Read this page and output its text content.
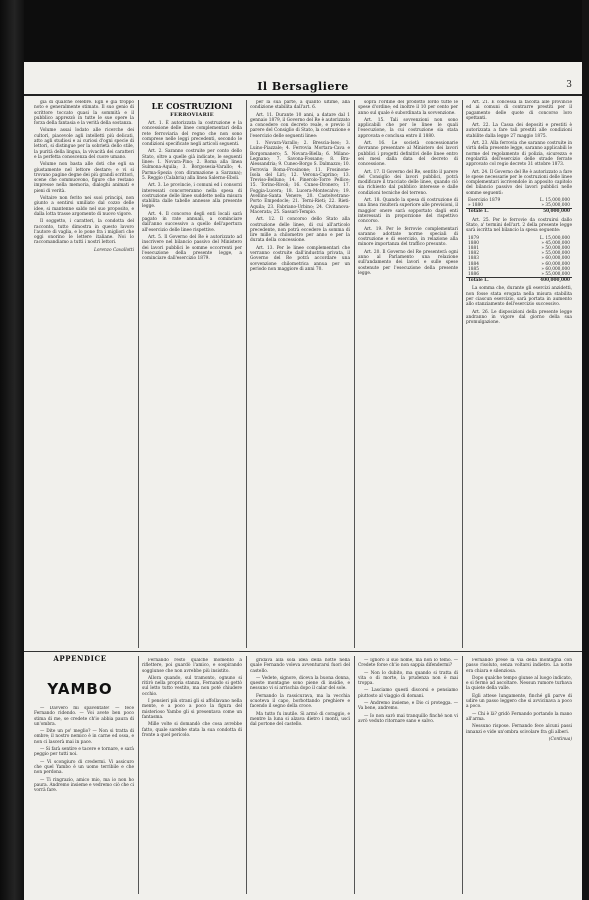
Il Bersagliere	3

già di qualche celebre. Egli è già troppo noto e generalmente stimato. Il suo genio di scrittore toccato quasi la sommità e il pubblico apprezzò in tutte le sue opere la forza della fantasia e la verità della sostanza.

Volume assai lodato alle ricerche dei cultori, piacevole agli intelletti più delicati, atto agli studiosi e ai curiosi d'ogni specie di lettori, si distingue per la sobrietà dello stile, la purità della lingua, la vivacità dei caratteri e la perfetta conoscenza del cuore umano.

Volume non basta alle doti che egli sa giustamente nel lettore destare; e vi si trovano pagine degne dei più grandi scrittori, scene che commuovono, figure che restano impresse nella memoria, dialoghi animati e pieni di verità.

Voltaire non ferito nei suoi principi, non giunto a sentirsi umiliato dal cozzo delle idee, si mantenne saldo nel suo proposito, e dalla lotta trasse argomento di nuovo vigore.

Il soggetto, i caratteri, la condotta del racconto, tutto dimostra in questo lavoro l'autore di vaglia, e lo pone fra i migliori che oggi onorino le lettere italiane. Noi lo raccomandiamo a tutti i nostri lettori.

Lorenzo Cavallotti
LE COSTRUZIONI
FERROVIARIE

Art. 1. È autorizzata la costruzione e la concessione delle linee complementari della rete ferroviaria del regno che non sono comprese nelle leggi precedenti, secondo le condizioni specificate negli articoli seguenti.

Art. 2. Saranno costruite per conto dello Stato, oltre a quelle già indicate, le seguenti linee: 1. Novara-Pino; 2. Roma alla linea Sulmona-Aquila; 3. Borgosesia-Varallo; 4. Parma-Spezia (con diramazione a Sarzana); 5. Reggio (Calabria) alla linea Salerno-Eboli.

Art. 3. Le provincie, i comuni ed i consorzi interessati concorreranno nella spesa di costruzione delle linee suddette nella misura stabilita dalle tabelle annesse alla presente legge.

Art. 4. Il concorso degli enti locali sarà pagato in rate annuali, a cominciare dall'anno successivo a quello dell'apertura all'esercizio delle linee rispettive.

Art. 5. Il Governo del Re è autorizzato ad inscrivere nel bilancio passivo del Ministero dei lavori pubblici le somme occorrenti per l'esecuzione della presente legge, a cominciare dall'esercizio 1879.

per la sua parte, a quanto ultime, alla condizione stabilita dall'art. 6.

Art. 11. Durante 10 anni, a datare dal 1 gennaio 1879, il Governo del Re è autorizzato a concedere con decreto reale, e previo il parere del Consiglio di Stato, la costruzione e l'esercizio delle seguenti linee:

1. Novara-Varallo; 2. Brescia-Iseo; 3. Luino-Piazzale; 4. Ferrovia Mortara-Cava e Borgomanero; 5. Novara-Biella; 6. Milano-Legnano; 7. Savona-Fossano; 8. Bra-Alessandria; 9. Cuneo-Borgo S. Dalmazzo; 10. Ferrovia Roma-Frosinone; 11. Frosinone-Isola del Liri; 12. Verona-Caprino; 13. Treviso-Belluno; 14. Pinerolo-Torre Pellice; 15. Torino-Rivoli; 16. Cuneo-Dronero; 17. Foggia-Lucera; 18. Lucera-Montecalvo; 19. Avellino-Santa Venere; 20. Castelvetrano-Porto Empedocle; 21. Terni-Rieti; 22. Rieti-Aquila; 23. Fabriano-Urbino; 24. Civitanova-Macerata; 25. Sassari-Tempio.

Art. 12. Il concorso dello Stato alla costruzione delle linee, di cui all'articolo precedente, non potrà eccedere la somma di lire mille a chilometro per anno e per la durata della concessione.

Art. 13. Per le linee complementari che verranno costruite dall'industria privata, il Governo del Re potrà accordare una sovvenzione chilometrica annua per un periodo non maggiore di anni 70.

sopra l'ordine del prodotto lordo tutte le spese d'ordine; ed inoltre il 10 per cento per anno sul quale è subordinata la sovvenzione.

Art. 15. Tali sovvenzioni non sono applicabili che per le linee le quali l'esecuzione, la cui costruzione sia stata approvata e conclusa entro il 1880.

Art. 16. Le società concessionarie dovranno presentare al Ministero dei lavori pubblici i progetti definitivi delle linee entro sei mesi dalla data del decreto di concessione.

Art. 17. Il Governo del Re, sentito il parere del Consiglio dei lavori pubblici, potrà modificare il tracciato delle linee, quando ciò sia richiesto dal pubblico interesse e dalle condizioni tecniche del terreno.

Art. 18. Quando la spesa di costruzione di una linea risulterà superiore alle previsioni, il maggior onere sarà sopportato dagli enti interessati in proporzione del rispettivo concorso.

Art. 19. Per le ferrovie complementari saranno adottate norme speciali di costruzione e di esercizio, in relazione alla minore importanza del traffico presunto.

Art. 20. Il Governo del Re presenterà ogni anno al Parlamento una relazione sull'andamento dei lavori e sulle spese sostenute per l'esecuzione della presente legge.

Art. 21. È concessa la facoltà alle provincie ed ai comuni di contrarre prestiti per il pagamento delle quote di concorso loro spettanti.

Art. 22. La Cassa dei depositi e prestiti è autorizzata a fare tali prestiti alle condizioni stabilite dalla legge 27 maggio 1875.

Art. 23. Alla ferrovia che saranno costruite in virtù della presente legge, saranno applicabili le norme del regolamento di polizia, sicurezza e regolarità dell'esercizio delle strade ferrate approvato col regio decreto 31 ottobre 1873.

Art. 24. Il Governo del Re è autorizzato a fare le spese necessarie per le costruzioni delle linee complementari iscrivendole in apposito capitolo del bilancio passivo dei lavori pubblici nelle somme seguenti:

Esercizio 1879	L. 15,000,000
» 1880	» 35,000,000
Totale L.	50,000,000

Art. 25. Per le ferrovie da costruirsi dallo Stato, a' termini dell'art. 2 della presente legge sarà iscritta nel bilancio la spesa seguente:

1879	L. 15,000,000
1880	» 45,000,000
1881	» 50,000,000
1882	» 55,000,000
1883	» 60,000,000
1884	» 60,000,000
1885	» 60,000,000
1886	» 55,000,000
Totale L.	400,000,000

La somma che, durante gli esercizi anzidetti, non fosse stata erogata nella misura stabilita per ciascun esercizio, sarà portata in aumento allo stanziamento dell'esercizio successivo.

Art. 26. Le disposizioni della presente legge andranno in vigore dal giorno della sua promulgazione.

APPENDICE
YAMBO

— Davvero mi spaventate! — fece Fernando ridendo. — Voi avete ben poco stima di me, se credete ch'io abbia paura di un'ombra.

— Dite un po' meglio? — Non si tratta di ombre; il nostro nemico è in carne ed ossa, e non ci lascerà mai in pace.

— Si farà sentire e tacere e tornare, e sarà peggio per tutti noi.

— Vi scongiuro di credermi. Vi assicuro che quel Yambo è un uomo terribile e che non perdona.

— Ti ringrazio, amico mio, ma io non ho paura. Andremo insieme e vedremo ciò che ci vorrà fare.

Fernando restò qualche momento a riflettere, poi guardò l'amico, e sospirando soggiunse che non avrebbe più insistito.

Allora quando, sul tramonto, ognuno si ritirò nella propria stanza, Fernando si gettò sul letto tutto vestito, ma non poté chiudere occhio.

I pensieri più strani gli si affollavano nella mente, e a poco a poco la figura del misterioso Yambo gli si presentava come un fantasma.

Mille volte si domandò che cosa avrebbe fatto, quale sarebbe stata la sua condotta di fronte a quel pericolo.

gridava alla sola idea della notte nella quale Fernando voleva avventurarsi fuori del castello.

— Vedete, signore, diceva la buona donna, queste montagne sono piene di insidie, e nessuno vi si arrischia dopo il calar del sole.

Fernando la rassicurava, ma la vecchia scuoteva il capo, borbottando preghiere e facendo il segno della croce.

Ma tutto fu inutile. Si armò di coraggio, e mentre la luna si alzava dietro i monti, uscì dal portone del castello.

— Ignoro il suo nome, ma non lo temo. — Credete forse ch'io non sappia difendermi?

— Non lo dubito, ma quando si tratta di vita o di morte, la prudenza non è mai troppa.

— Lasciamo questi discorsi e pensiamo piuttosto al viaggio di domani.

— Andremo insieme, e Dio ci protegga. — Va bene, andremo.

— Io non sarò mai tranquillo finché non vi avrò veduto ritornare sano e salvo.

Fernando prese la via della montagna con passo risoluto, senza voltarsi indietro. La notte era chiara e silenziosa.

Dopo qualche tempo giunse al luogo indicato, e si fermò ad ascoltare. Nessun rumore turbava la quiete della valle.

Egli attese lungamente, finché gli parve di udire un passo leggero che si avvicinava a poco a poco.

— Chi è là? gridò Fernando portando la mano all'arma.

Nessuno rispose. Fernando fece alcuni passi innanzi e vide un'ombra scivolare fra gli alberi.

(Continua)
